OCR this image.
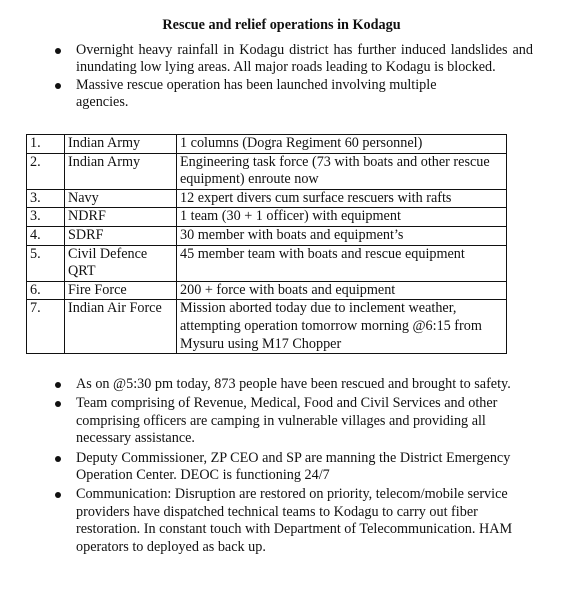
Rescue and relief operations in Kodagu
Overnight heavy rainfall in Kodagu district has further induced landslides and inundating low lying areas. All major roads leading to Kodagu is blocked.
Massive rescue operation has been launched involving multiple agencies.
1.	Indian Army	1 columns (Dogra Regiment 60 personnel)
2.	Indian Army	Engineering task force (73 with boats and other rescue equipment) enroute now
3.	Navy	12 expert divers cum surface rescuers with rafts
3.	NDRF	1 team (30 + 1 officer) with equipment
4.	SDRF	30 member with boats and equipment’s
5.	Civil Defence QRT	45 member team with boats and rescue equipment
6.	Fire Force	200 + force with boats and equipment
7.	Indian Air Force	Mission aborted today due to inclement weather, attempting operation tomorrow morning @6:15 from Mysuru using M17 Chopper
As on @5:30 pm today, 873 people have been rescued and brought to safety.
Team comprising of Revenue, Medical, Food and Civil Services and other comprising officers are camping in vulnerable villages and providing all necessary assistance.
Deputy Commissioner, ZP CEO and SP are manning the District Emergency Operation Center. DEOC is functioning 24/7
Communication: Disruption are restored on priority, telecom/mobile service providers have dispatched technical teams to Kodagu to carry out fiber restoration. In constant touch with Department of Telecommunication. HAM operators to deployed as back up.
